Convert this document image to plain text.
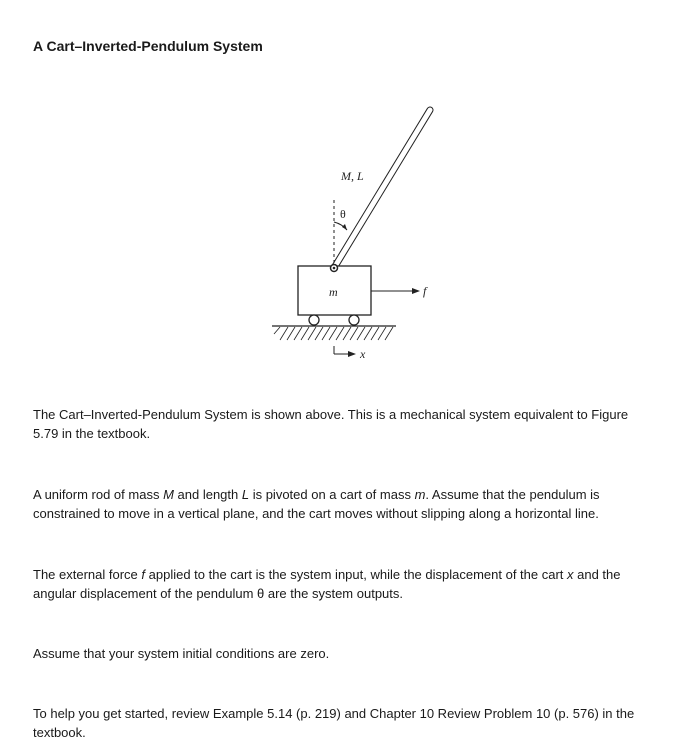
A Cart–Inverted-Pendulum System
M, L
θ
m	f
x

The Cart–Inverted-Pendulum System is shown above. This is a mechanical system equivalent to Figure 5.79 in the textbook.

A uniform rod of mass M and length L is pivoted on a cart of mass m. Assume that the pendulum is constrained to move in a vertical plane, and the cart moves without slipping along a horizontal line.

The external force f applied to the cart is the system input, while the displacement of the cart x and the angular displacement of the pendulum θ are the system outputs.

Assume that your system initial conditions are zero.

To help you get started, review Example 5.14 (p. 219) and Chapter 10 Review Problem 10 (p. 576) in the textbook.
